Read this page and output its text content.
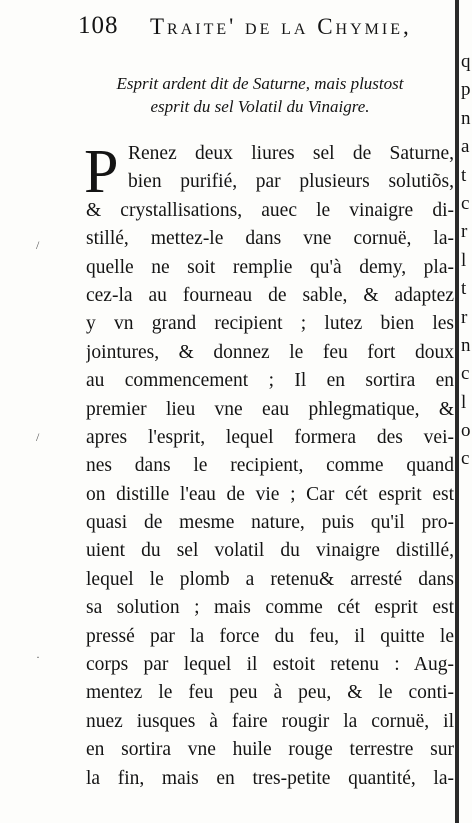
108 Traite' de la Chymie,
Esprit ardent dit de Saturne, mais plustost
esprit du sel Volatil du Vinaigre.
P Renez deux liures sel de Saturne,
bien purifié, par plusieurs solutiõs,
& crystallisations, auec le vinaigre di-
stillé, mettez-le dans vne cornuë, la-
quelle ne soit remplie qu'à demy, pla-
cez-la au fourneau de sable, & adaptez
y vn grand recipient ; lutez bien les
jointures, & donnez le feu fort doux
au commencement ; Il en sortira en
premier lieu vne eau phlegmatique, &
apres l'esprit, lequel formera des vei-
nes dans le recipient, comme quand
on distille l'eau de vie ; Car cét esprit est
quasi de mesme nature, puis qu'il pro-
uient du sel volatil du vinaigre distillé,
lequel le plomb a retenu& arresté dans
sa solution ; mais comme cét esprit est
pressé par la force du feu, il quitte le
corps par lequel il estoit retenu : Aug-
mentez le feu peu à peu, & le conti-
nuez iusques à faire rougir la cornuë, il
en sortira vne huile rouge terrestre sur
la fin, mais en tres-petite quantité, la-
q
p
n
a
t
c
r
l
t
r
n
c
l
o
c
/
/
·
